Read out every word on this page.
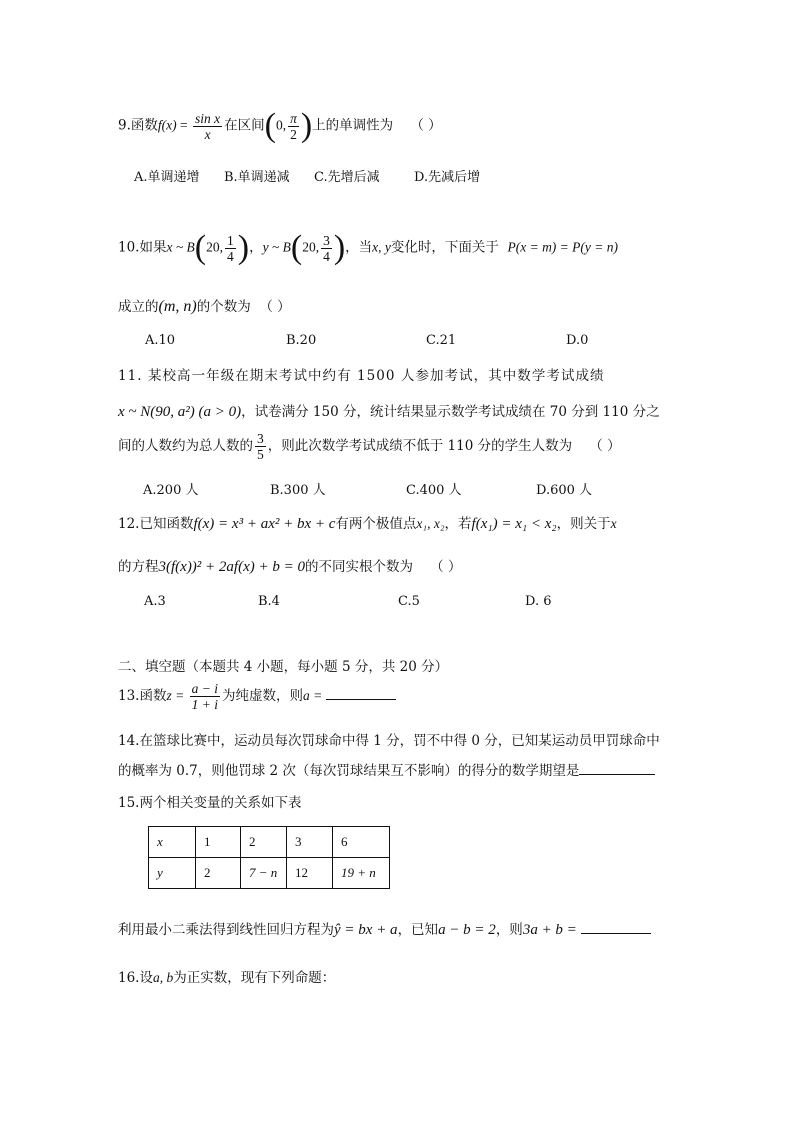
9.函数$f(x) = \frac{\text{sin x}}{x}$ 在区间(0, $\frac{\pi}{2}$ )上的单调性为 （ ）
A.单调递增 B.单调递减 C.先增后减	D.先减后增
10.如果x ~ B(20, $\frac{1}{4}$ )，y ~ B(20, $\frac{3}{4}$ )，当x, y变化时，下面关于 P(x = m) = P(y = n)
成立的(m, n)的个数为 （ ）
A.10	B.20	C.21	D.0
11. 某校高一年级在期末考试中约有 1500 人参加考试，其中数学考试成绩
x ~ N(90, a²) (a > 0)，试卷满分 150 分，统计结果显示数学考试成绩在 70 分到 110 分之
间的人数约为总人数的 $\frac{3}{5}$ ，则此次数学考试成绩不低于 110 分的学生人数为 （ ）
A.200 人	B.300 人	C.400 人	D.600 人
12.已知函数f(x) = x³ + ax² + bx + c有两个极值点x₁, x₂，若f(x₁) = x₁ < x₂，则关于x
的方程3(f(x))² + 2af(x) + b = 0的不同实根个数为 （ ）
A.3	B.4	C.5	D. 6
二、填空题（本题共 4 小题，每小题 5 分，共 20 分）
13.函数$z = \frac{a - i}{1 + i}$ 为纯虚数，则a =
14.在篮球比赛中，运动员每次罚球命中得 1 分，罚不中得 0 分，已知某运动员甲罚球命中
的概率为 0.7，则他罚球 2 次（每次罚球结果互不影响）的得分的数学期望是
15.两个相关变量的关系如下表
x	1	2	3	6
y	2	7 − n	12	19 + n
利用最小二乘法得到线性回归方程为ŷ = bx + a，已知a − b = 2，则3a + b =
16.设a, b为正实数，现有下列命题：
